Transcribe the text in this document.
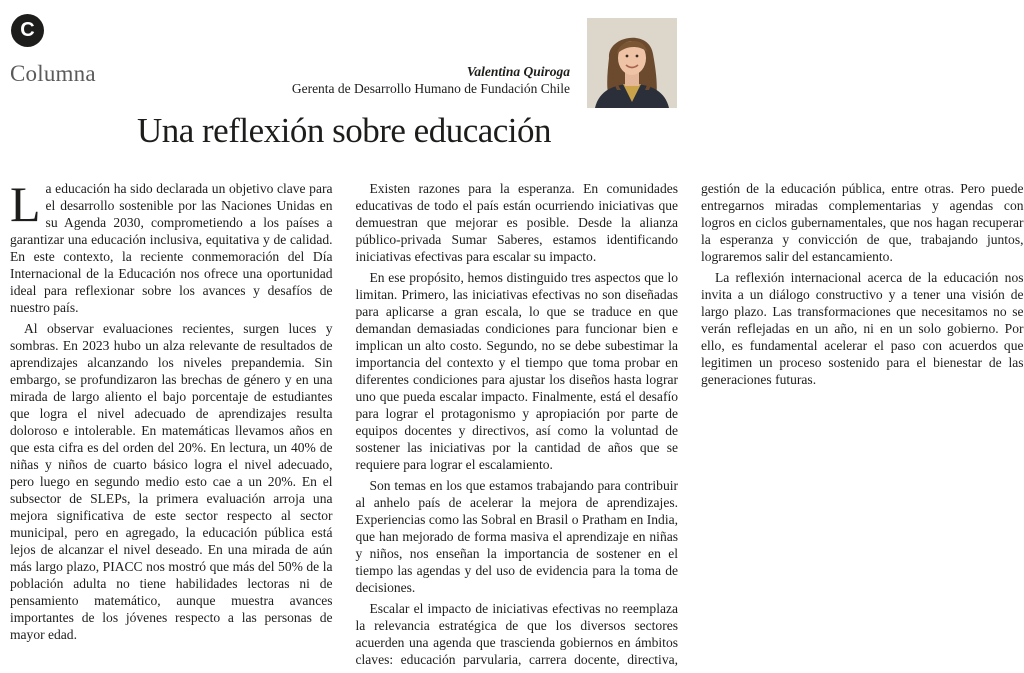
C
Columna	Valentina Quiroga
Gerenta de Desarrollo Humano de Fundación Chile
Una reflexión sobre educación

La educación ha sido declarada un objetivo clave para el desarrollo sostenible por las Naciones Unidas en su Agenda 2030, comprometiendo a los países a garantizar una educación inclusiva, equitativa y de calidad. En este contexto, la reciente conmemoración del Día Internacional de la Educación nos ofrece una oportunidad ideal para reflexionar sobre los avances y desafíos de nuestro país.

Al observar evaluaciones recientes, surgen luces y sombras. En 2023 hubo un alza relevante de resultados de aprendizajes alcanzando los niveles prepandemia. Sin embargo, se profundizaron las brechas de género y en una mirada de largo aliento el bajo porcentaje de estudiantes que logra el nivel adecuado de aprendizajes resulta doloroso e intolerable. En matemáticas llevamos años en que esta cifra es del orden del 20%. En lectura, un 40% de niñas y niños de cuarto básico logra el nivel adecuado, pero luego en segundo medio esto cae a un 20%. En el subsector de SLEPs, la primera evaluación arroja una mejora significativa de este sector respecto al sector municipal, pero en agregado, la educación pública está lejos de alcanzar el nivel deseado. En una mirada de aún más largo plazo, PIACC nos mostró que más del 50% de la población adulta no tiene habilidades lectoras ni de pensamiento matemático, aunque muestra avances importantes de los jóvenes respecto a las personas de mayor edad.

Existen razones para la esperanza. En comunidades educativas de todo el país están ocurriendo iniciativas que demuestran que mejorar es posible. Desde la alianza público-privada Sumar Saberes, estamos identificando iniciativas efectivas para escalar su impacto.

En ese propósito, hemos distinguido tres aspectos que lo limitan. Primero, las iniciativas efectivas no son diseñadas para aplicarse a gran escala, lo que se traduce en que demandan demasiadas condiciones para funcionar bien e implican un alto costo. Segundo, no se debe subestimar la importancia del contexto y el tiempo que toma probar en diferentes condiciones para ajustar los diseños hasta lograr uno que pueda escalar impacto. Finalmente, está el desafío para lograr el protagonismo y apropiación por parte de equipos docentes y directivos, así como la voluntad de sostener las iniciativas por la cantidad de años que se requiere para lograr el escalamiento.

Son temas en los que estamos trabajando para contribuir al anhelo país de acelerar la mejora de aprendizajes. Experiencias como las Sobral en Brasil o Pratham en India, que han mejorado de forma masiva el aprendizaje en niñas y niños, nos enseñan la importancia de sostener en el tiempo las agendas y del uso de evidencia para la toma de decisiones.

Escalar el impacto de iniciativas efectivas no reemplaza la relevancia estratégica de que los diversos sectores acuerden una agenda que trascienda gobiernos en ámbitos claves: educación parvularia, carrera docente, directiva, gestión de la educación pública, entre otras. Pero puede entregarnos miradas complementarias y agendas con logros en ciclos gubernamentales, que nos hagan recuperar la esperanza y convicción de que, trabajando juntos, lograremos salir del estancamiento.

La reflexión internacional acerca de la educación nos invita a un diálogo constructivo y a tener una visión de largo plazo. Las transformaciones que necesitamos no se verán reflejadas en un año, ni en un solo gobierno. Por ello, es fundamental acelerar el paso con acuerdos que legitimen un proceso sostenido para el bienestar de las generaciones futuras.
